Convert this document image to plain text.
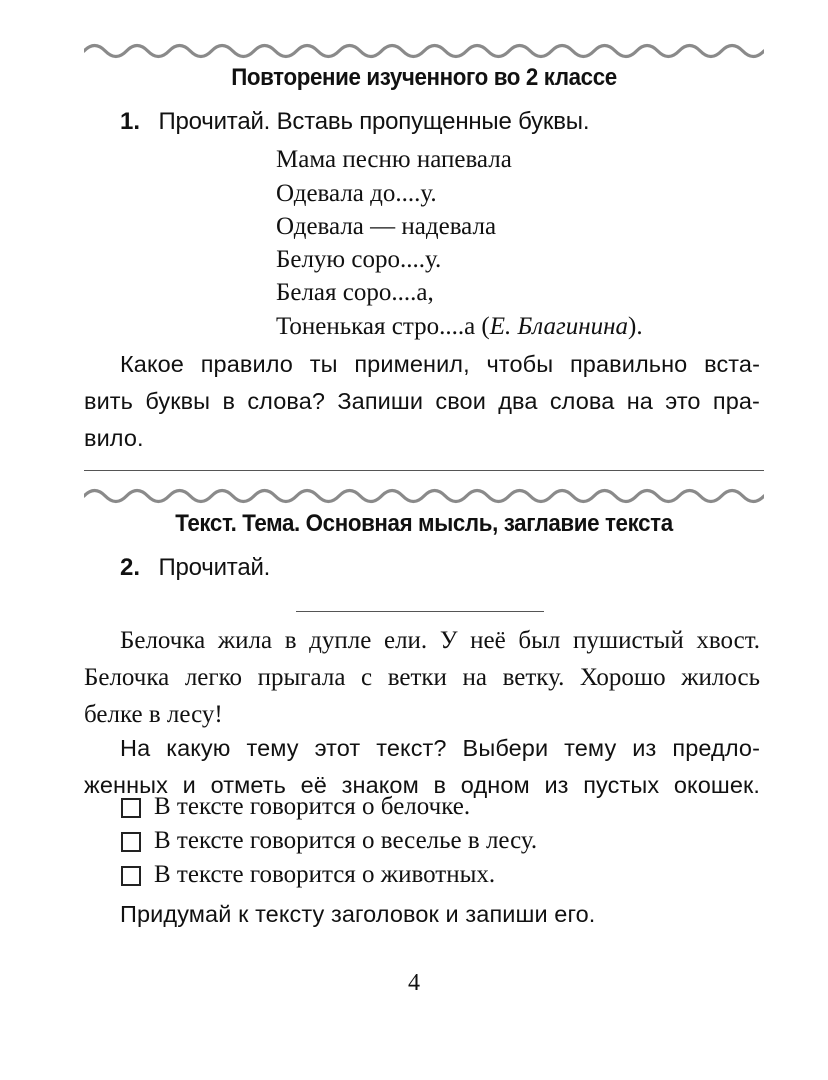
Повторение изученного во 2 классе
1. Прочитай. Вставь пропущенные буквы.
Мама песню напевала
Одевала до....у.
Одевала — надевала
Белую соро....у.
Белая соро....а,
Тоненькая стро....а (Е. Благинина).
Какое правило ты применил, чтобы правильно вста-
вить буквы в слова? Запиши свои два слова на это пра-
вило.
Текст. Тема. Основная мысль, заглавие текста
2. Прочитай.
Белочка жила в дупле ели. У неё был пушистый хвост.
Белочка легко прыгала с ветки на ветку. Хорошо жилось
белке в лесу!
На какую тему этот текст? Выбери тему из предло-
женных и отметь её знаком в одном из пустых окошек.
В тексте говорится о белочке.
В тексте говорится о веселье в лесу.
В тексте говорится о животных.
Придумай к тексту заголовок и запиши его.
4
